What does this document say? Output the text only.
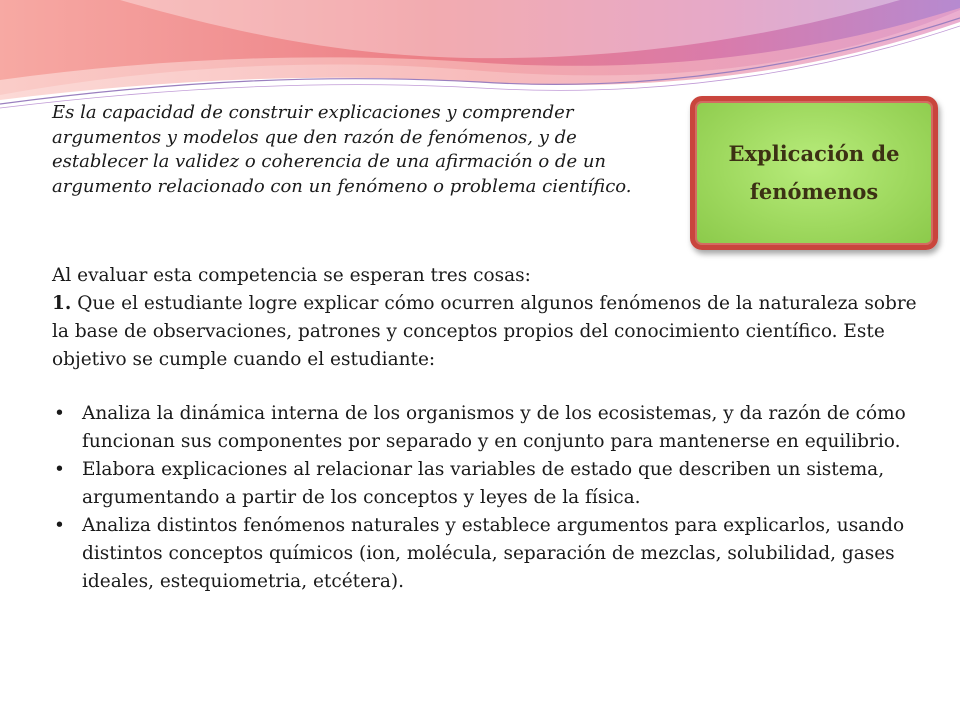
Es la capacidad de construir explicaciones y comprender argumentos y modelos que den razón de fenómenos, y de establecer la validez o coherencia de una afirmación o de un argumento relacionado con un fenómeno o problema científico.

Explicación de fenómenos

Al evaluar esta competencia se esperan tres cosas:
1. Que el estudiante logre explicar cómo ocurren algunos fenómenos de la naturaleza sobre la base de observaciones, patrones y conceptos propios del conocimiento científico. Este objetivo se cumple cuando el estudiante:

• Analiza la dinámica interna de los organismos y de los ecosistemas, y da razón de cómo funcionan sus componentes por separado y en conjunto para mantenerse en equilibrio.
• Elabora explicaciones al relacionar las variables de estado que describen un sistema, argumentando a partir de los conceptos y leyes de la física.
• Analiza distintos fenómenos naturales y establece argumentos para explicarlos, usando distintos conceptos químicos (ion, molécula, separación de mezclas, solubilidad, gases ideales, estequiometria, etcétera).
